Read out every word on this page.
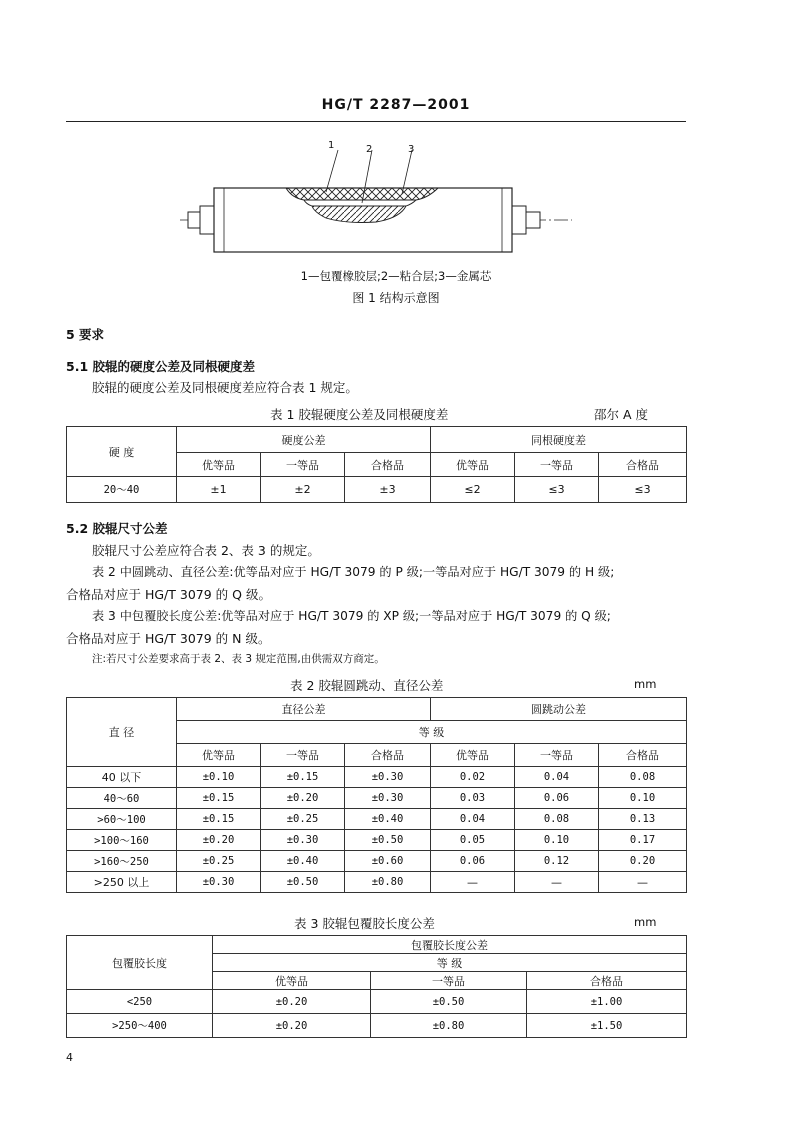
HG/T 2287—2001
1	2	3
1—包覆橡胶层;2—粘合层;3—金属芯
图 1 结构示意图
5 要求
5.1 胶辊的硬度公差及同根硬度差
胶辊的硬度公差及同根硬度差应符合表 1 规定。
表 1 胶辊硬度公差及同根硬度差	邵尔 A 度
硬 度	硬度公差			同根硬度差		
	优等品	一等品	合格品	优等品	一等品	合格品
20～40	±1	±2	±3	≤2	≤3	≤3
5.2 胶辊尺寸公差
胶辊尺寸公差应符合表 2、表 3 的规定。
表 2 中圆跳动、直径公差:优等品对应于 HG/T 3079 的 P 级;一等品对应于 HG/T 3079 的 H 级;
合格品对应于 HG/T 3079 的 Q 级。
表 3 中包覆胶长度公差:优等品对应于 HG/T 3079 的 XP 级;一等品对应于 HG/T 3079 的 Q 级;
合格品对应于 HG/T 3079 的 N 级。
注:若尺寸公差要求高于表 2、表 3 规定范围,由供需双方商定。
表 2 胶辊圆跳动、直径公差	mm
直 径	直径公差			圆跳动公差		
	等 级					
	优等品	一等品	合格品	优等品	一等品	合格品
40 以下	±0.10	±0.15	±0.30	0.02	0.04	0.08
40～60	±0.15	±0.20	±0.30	0.03	0.06	0.10
>60～100	±0.15	±0.25	±0.40	0.04	0.08	0.13
>100～160	±0.20	±0.30	±0.50	0.05	0.10	0.17
>160～250	±0.25	±0.40	±0.60	0.06	0.12	0.20
>250 以上	±0.30	±0.50	±0.80	—	—	—
表 3 胶辊包覆胶长度公差	mm
包覆胶长度	包覆胶长度公差		
	等 级		
	优等品	一等品	合格品
<250	±0.20	±0.50	±1.00
>250～400	±0.20	±0.80	±1.50
4
